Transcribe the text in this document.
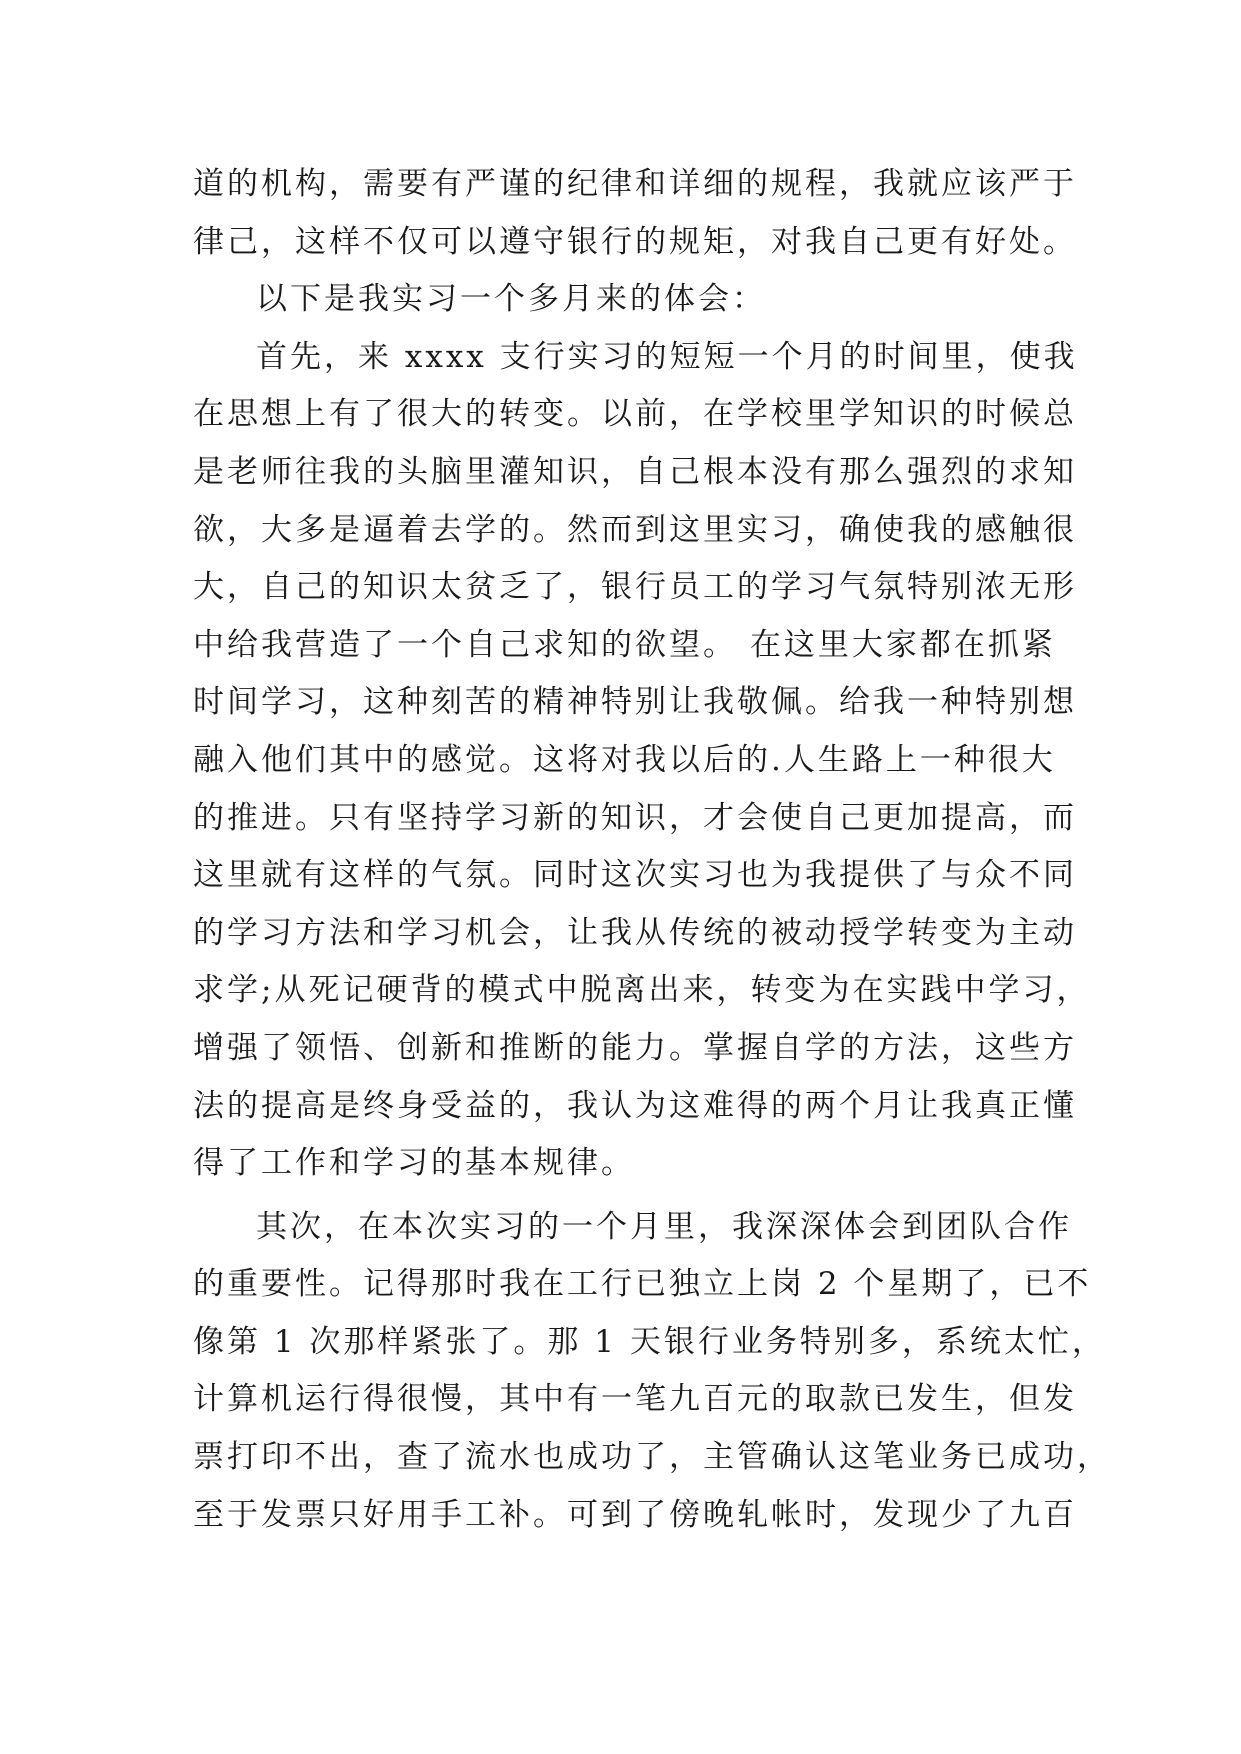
道的机构，需要有严谨的纪律和详细的规程，我就应该严于
律己，这样不仅可以遵守银行的规矩，对我自己更有好处。
以下是我实习一个多月来的体会：
首先，来 xxxx 支行实习的短短一个月的时间里，使我
在思想上有了很大的转变。以前，在学校里学知识的时候总
是老师往我的头脑里灌知识，自己根本没有那么强烈的求知
欲，大多是逼着去学的。然而到这里实习，确使我的感触很
大，自己的知识太贫乏了，银行员工的学习气氛特别浓无形
中给我营造了一个自己求知的欲望。 在这里大家都在抓紧
时间学习，这种刻苦的精神特别让我敬佩。给我一种特别想
融入他们其中的感觉。这将对我以后的.人生路上一种很大
的推进。只有坚持学习新的知识，才会使自己更加提高，而
这里就有这样的气氛。同时这次实习也为我提供了与众不同
的学习方法和学习机会，让我从传统的被动授学转变为主动
求学;从死记硬背的模式中脱离出来，转变为在实践中学习，
增强了领悟、创新和推断的能力。掌握自学的方法，这些方
法的提高是终身受益的，我认为这难得的两个月让我真正懂
得了工作和学习的基本规律。
其次，在本次实习的一个月里，我深深体会到团队合作
的重要性。记得那时我在工行已独立上岗 2 个星期了，已不
像第 1 次那样紧张了。那 1 天银行业务特别多，系统太忙，
计算机运行得很慢，其中有一笔九百元的取款已发生，但发
票打印不出，查了流水也成功了，主管确认这笔业务已成功，
至于发票只好用手工补。可到了傍晚轧帐时，发现少了九百
